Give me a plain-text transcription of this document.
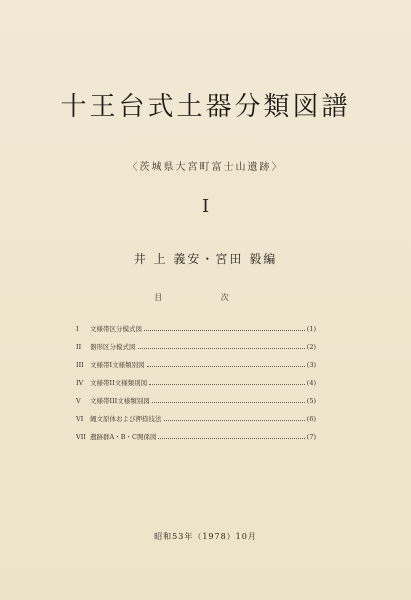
十王台式土器分類図譜
〈茨城県大宮町富士山遺跡〉
I
井 上 義安・宮田 毅編
目 次
I	文様帯区分模式図	(1)
II	器形区分模式図	(2)
III 文様帯I文様類別図	(3)
IV	文様帯II文様類別図	(4)
V	文様帯III文様類別図	(5)
VI	縄文原体および押捺技法	(6)
VII 遺跡群A・B・C関係図	(7)
昭和53年（1978）10月
